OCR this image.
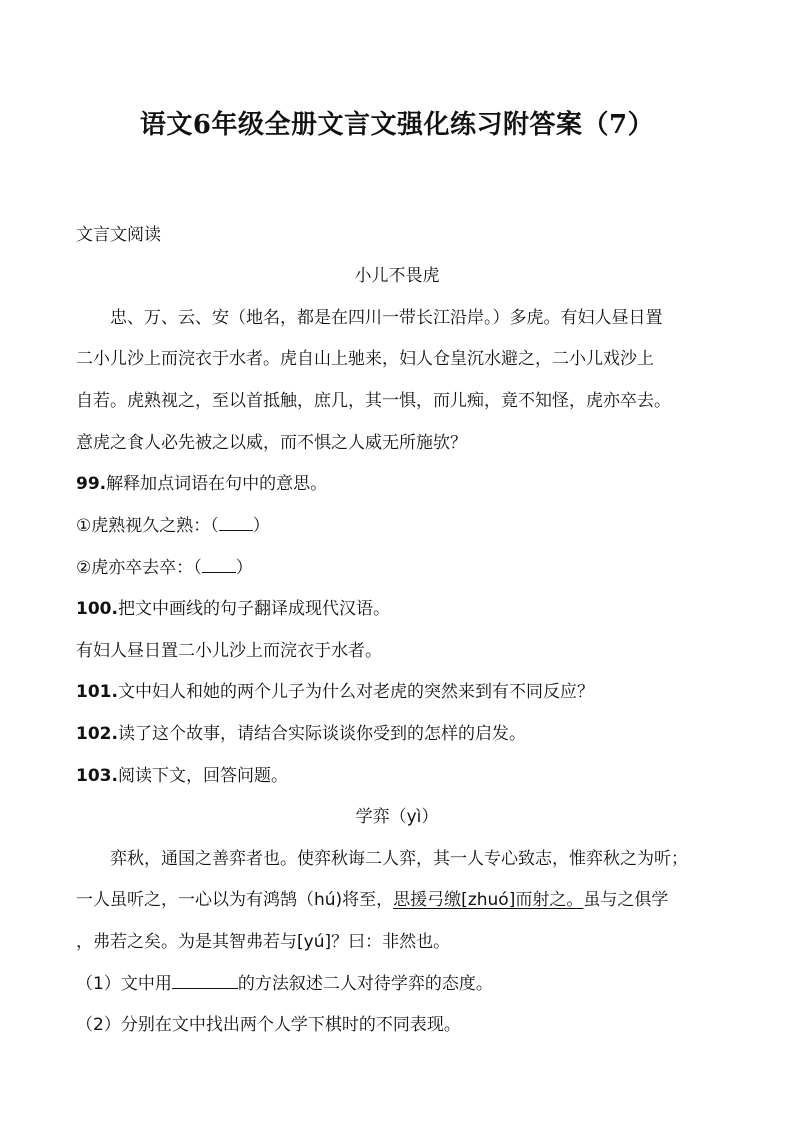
语文6年级全册文言文强化练习附答案（7）
文言文阅读
小儿不畏虎
忠、万、云、安（地名，都是在四川一带长江沿岸。）多虎。有妇人昼日置
二小儿沙上而浣衣于水者。虎自山上驰来，妇人仓皇沉水避之，二小儿戏沙上
自若。虎熟视之，至以首抵触，庶几，其一惧，而儿痴，竟不知怪，虎亦卒去。
意虎之食人必先被之以威，而不惧之人威无所施欤？
99.解释加点词语在句中的意思。
①虎熟视久之熟：（ ）
②虎亦卒去卒：（ ）
100.把文中画线的句子翻译成现代汉语。
有妇人昼日置二小儿沙上而浣衣于水者。
101.文中妇人和她的两个儿子为什么对老虎的突然来到有不同反应？
102.读了这个故事，请结合实际谈谈你受到的怎样的启发。
103.阅读下文，回答问题。
学弈（yì）
弈秋，通国之善弈者也。使弈秋诲二人弈，其一人专心致志，惟弈秋之为听；
一人虽听之，一心以为有鸿鹄（hú)将至，思援弓缴[zhuó]而射之。虽与之俱学
，弗若之矣。为是其智弗若与[yú]？曰：非然也。
（1）文中用	的方法叙述二人对待学弈的态度。
（2）分别在文中找出两个人学下棋时的不同表现。
